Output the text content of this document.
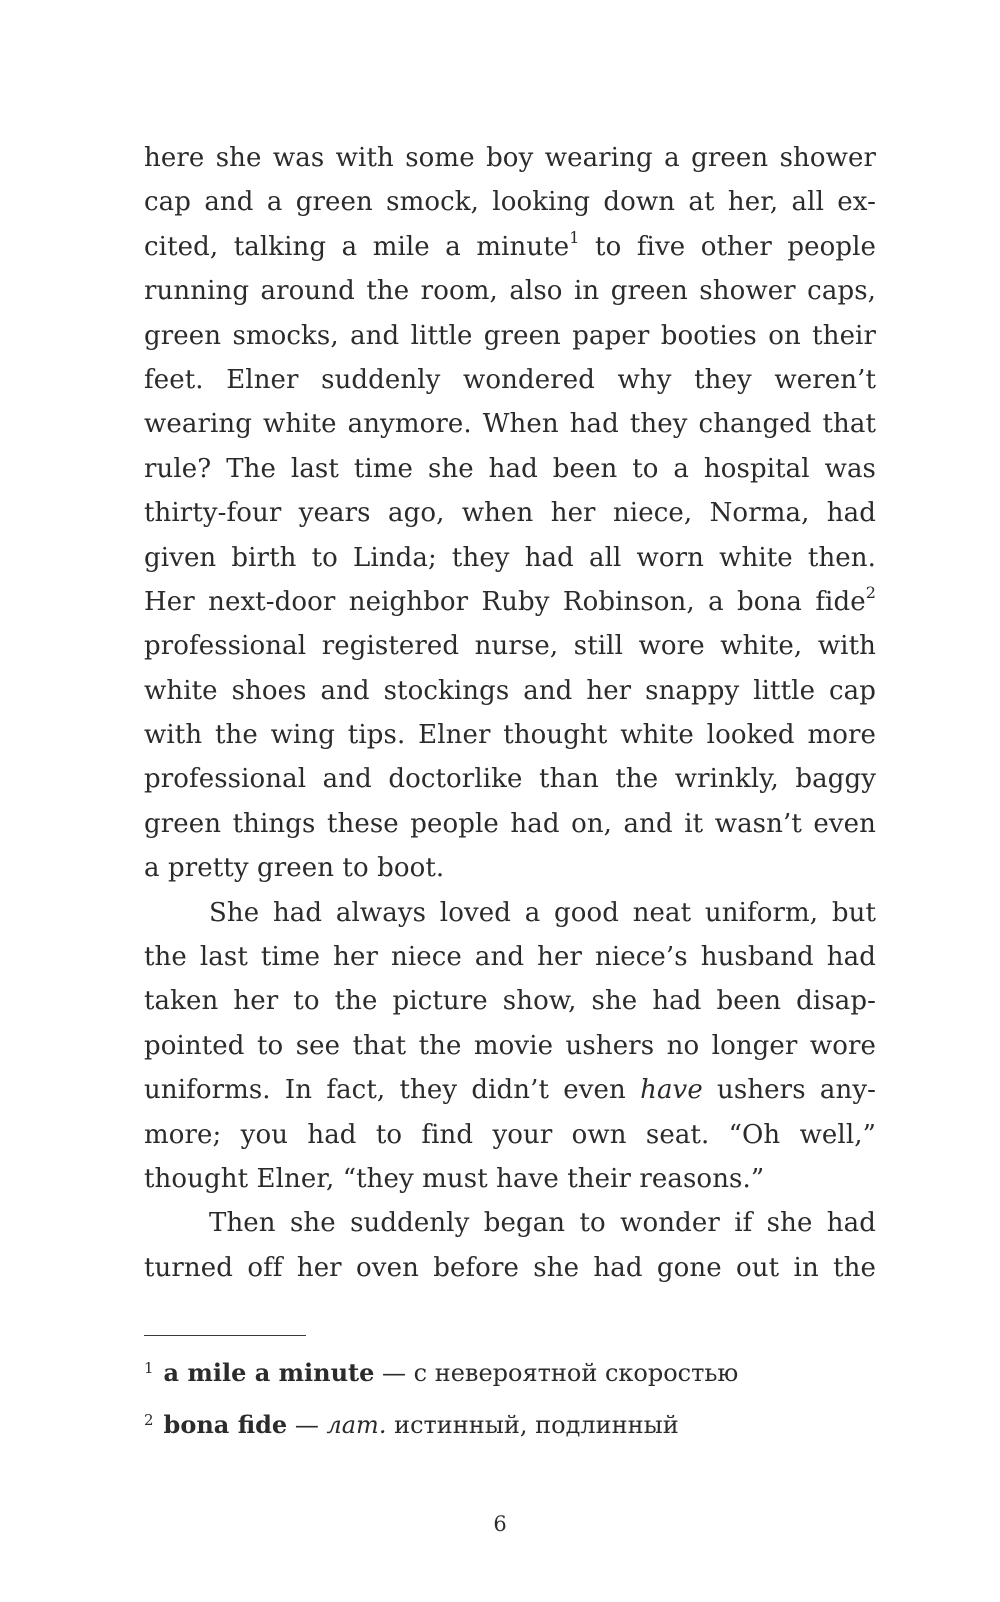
here she was with some boy wearing a green shower
cap and a green smock, looking down at her, all ex-
cited, talking a mile a minute$^1$ to five other people
running around the room, also in green shower caps,
green smocks, and little green paper booties on their
feet. Elner suddenly wondered why they weren’t
wearing white anymore. When had they changed that
rule? The last time she had been to a hospital was
thirty-four years ago, when her niece, Norma, had
given birth to Linda; they had all worn white then.
Her next-door neighbor Ruby Robinson, a bona fide$^2$
professional registered nurse, still wore white, with
white shoes and stockings and her snappy little cap
with the wing tips. Elner thought white looked more
professional and doctorlike than the wrinkly, baggy
green things these people had on, and it wasn’t even
a pretty green to boot.
She had always loved a good neat uniform, but
the last time her niece and her niece’s husband had
taken her to the picture show, she had been disap-
pointed to see that the movie ushers no longer wore
uniforms. In fact, they didn’t even have ushers any-
more; you had to find your own seat. “Oh well,”
thought Elner, “they must have their reasons.”
Then she suddenly began to wonder if she had
turned off her oven before she had gone out in the
$^1$ a mile a minute — с невероятной скоростью
$^2$ bona fide — лат. истинный, подлинный
6
